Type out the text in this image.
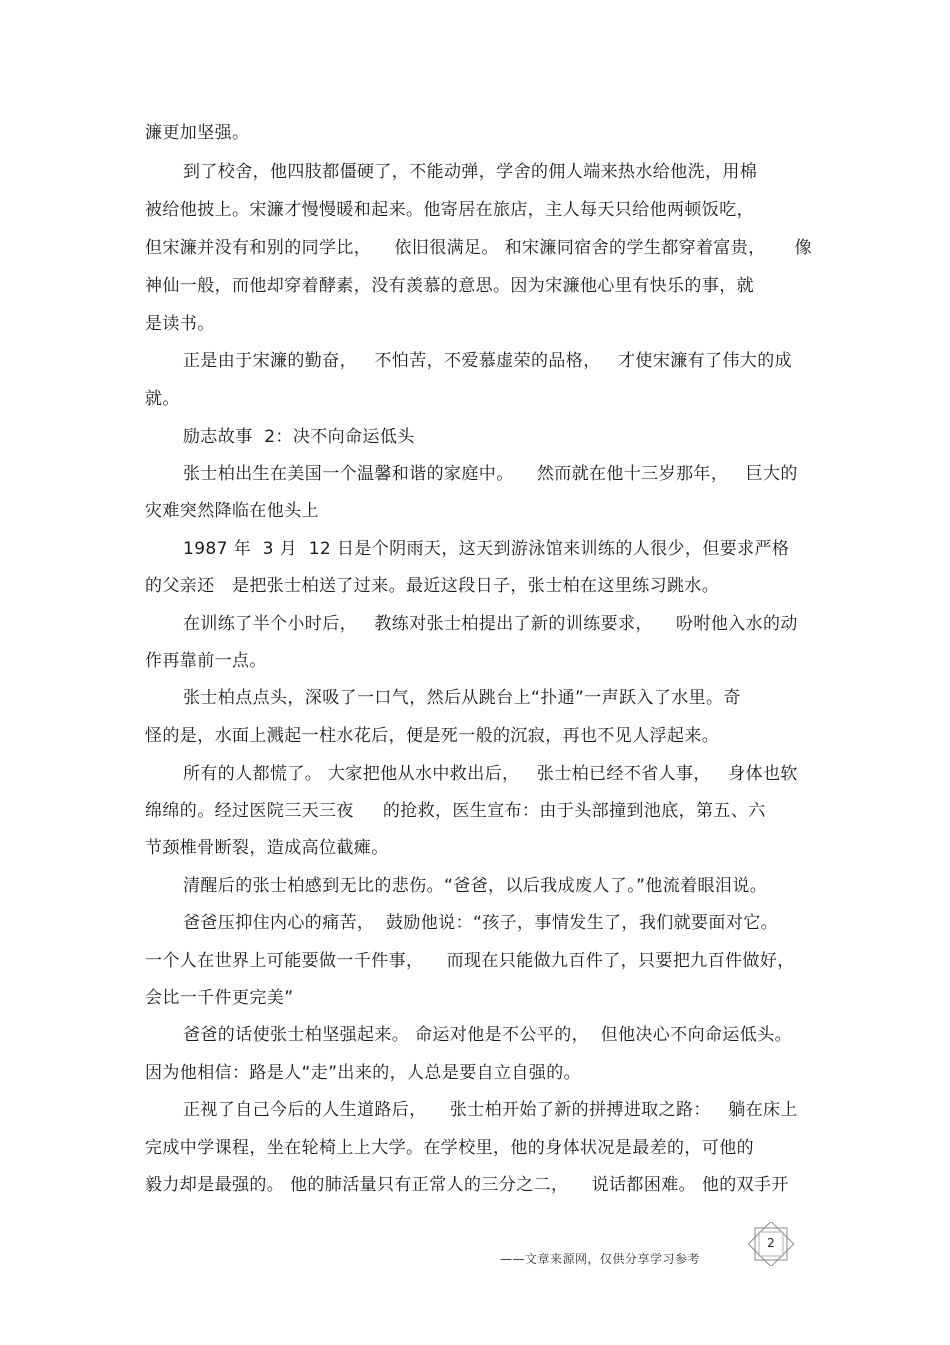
濂更加坚强。
到了校舍，他四肢都僵硬了，不能动弹，学舍的佣人端来热水给他洗，用棉
被给他披上。宋濂才慢慢暖和起来。他寄居在旅店，主人每天只给他两顿饭吃，
但宋濂并没有和别的同学比，    依旧很满足。 和宋濂同宿舍的学生都穿着富贵，     像
神仙一般，而他却穿着酵素，没有羡慕的意思。因为宋濂他心里有快乐的事，就
是读书。
正是由于宋濂的勤奋，   不怕苦，不爱慕虚荣的品格，   才使宋濂有了伟大的成
就。
励志故事  2：决不向命运低头
张士柏出生在美国一个温馨和谐的家庭中。    然而就在他十三岁那年，   巨大的
灾难突然降临在他头上
1987 年  3 月  12 日是个阴雨天，这天到游泳馆来训练的人很少，但要求严格
的父亲还   是把张士柏送了过来。最近这段日子，张士柏在这里练习跳水。
在训练了半个小时后，   教练对张士柏提出了新的训练要求，    吩咐他入水的动
作再靠前一点。
张士柏点点头，深吸了一口气，然后从跳台上“扑通”一声跃入了水里。奇
怪的是，水面上溅起一柱水花后，便是死一般的沉寂，再也不见人浮起来。
所有的人都慌了。 大家把他从水中救出后，   张士柏已经不省人事，   身体也软
绵绵的。经过医院三天三夜     的抢救，医生宣布：由于头部撞到池底，第五、六
节颈椎骨断裂，造成高位截瘫。
清醒后的张士柏感到无比的悲伤。“爸爸，以后我成废人了。”他流着眼泪说。
爸爸压抑住内心的痛苦，  鼓励他说：“孩子，事情发生了，我们就要面对它。
一个人在世界上可能要做一千件事，    而现在只能做九百件了，只要把九百件做好，
会比一千件更完美”
爸爸的话使张士柏坚强起来。 命运对他是不公平的，  但他决心不向命运低头。
因为他相信：路是人“走”出来的，人总是要自立自强的。
正视了自己今后的人生道路后，    张士柏开始了新的拼搏进取之路：   躺在床上
完成中学课程，坐在轮椅上上大学。在学校里，他的身体状况是最差的，可他的
毅力却是最强的。 他的肺活量只有正常人的三分之二，    说话都困难。 他的双手开
——文章来源网，仅供分享学习参考
2
